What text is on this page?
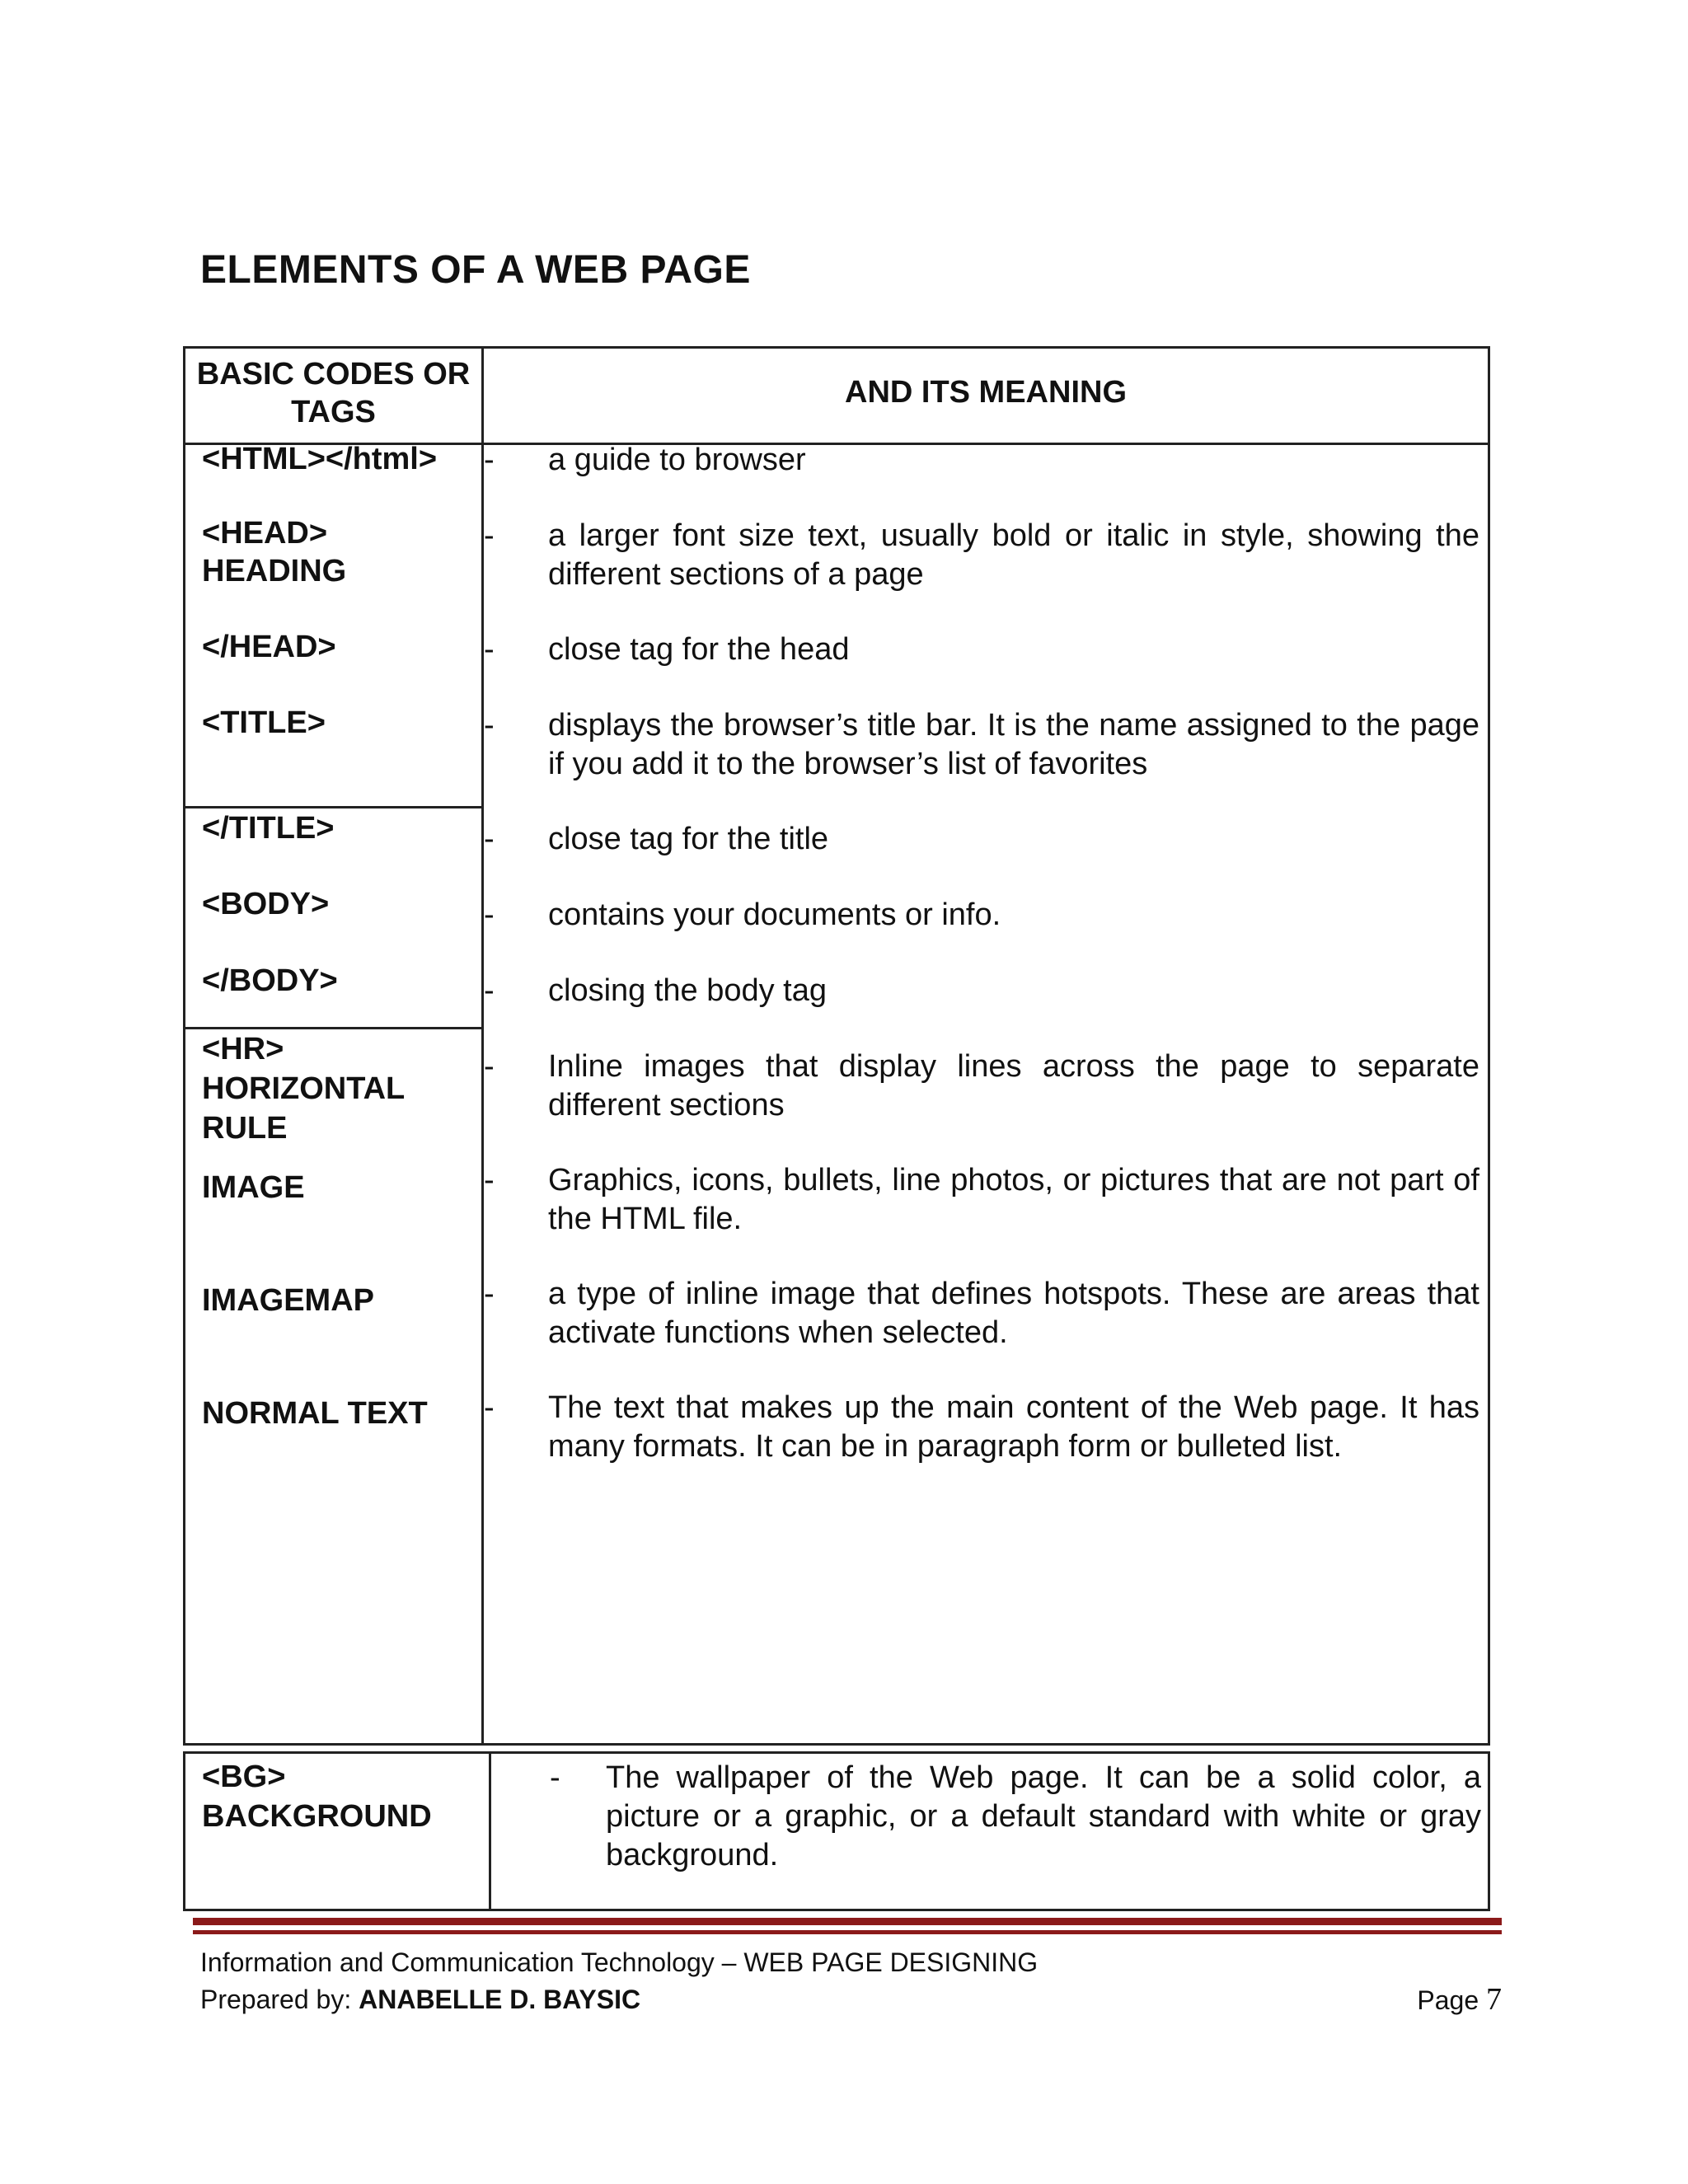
ELEMENTS OF A WEB PAGE
BASIC CODES OR TAGS
AND ITS MEANING
<HTML></html>
<HEAD>
HEADING
</HEAD>
<TITLE>
</TITLE>
<BODY>
</BODY>
<HR>
HORIZONTAL
RULE
IMAGE
IMAGEMAP
NORMAL TEXT
- a guide to browser
- a larger font size text, usually bold or italic in style, showing the different sections of a page
- close tag for the head
- displays the browser’s title bar. It is the name assigned to the page if you add it to the browser’s list of favorites
- close tag for the title
- contains your documents or info.
- closing the body tag
- Inline images that display lines across the page to separate different sections
- Graphics, icons, bullets, line photos, or pictures that are not part of the HTML file.
- a type of inline image that defines hotspots. These are areas that activate functions when selected.
- The text that makes up the main content of the Web page. It has many formats. It can be in paragraph form or bulleted list.
<BG>
BACKGROUND
- The wallpaper of the Web page. It can be a solid color, a picture or a graphic, or a default standard with white or gray background.
Information and Communication Technology – WEB PAGE DESIGNING
Prepared by: ANABELLE D. BAYSIC	Page 7
